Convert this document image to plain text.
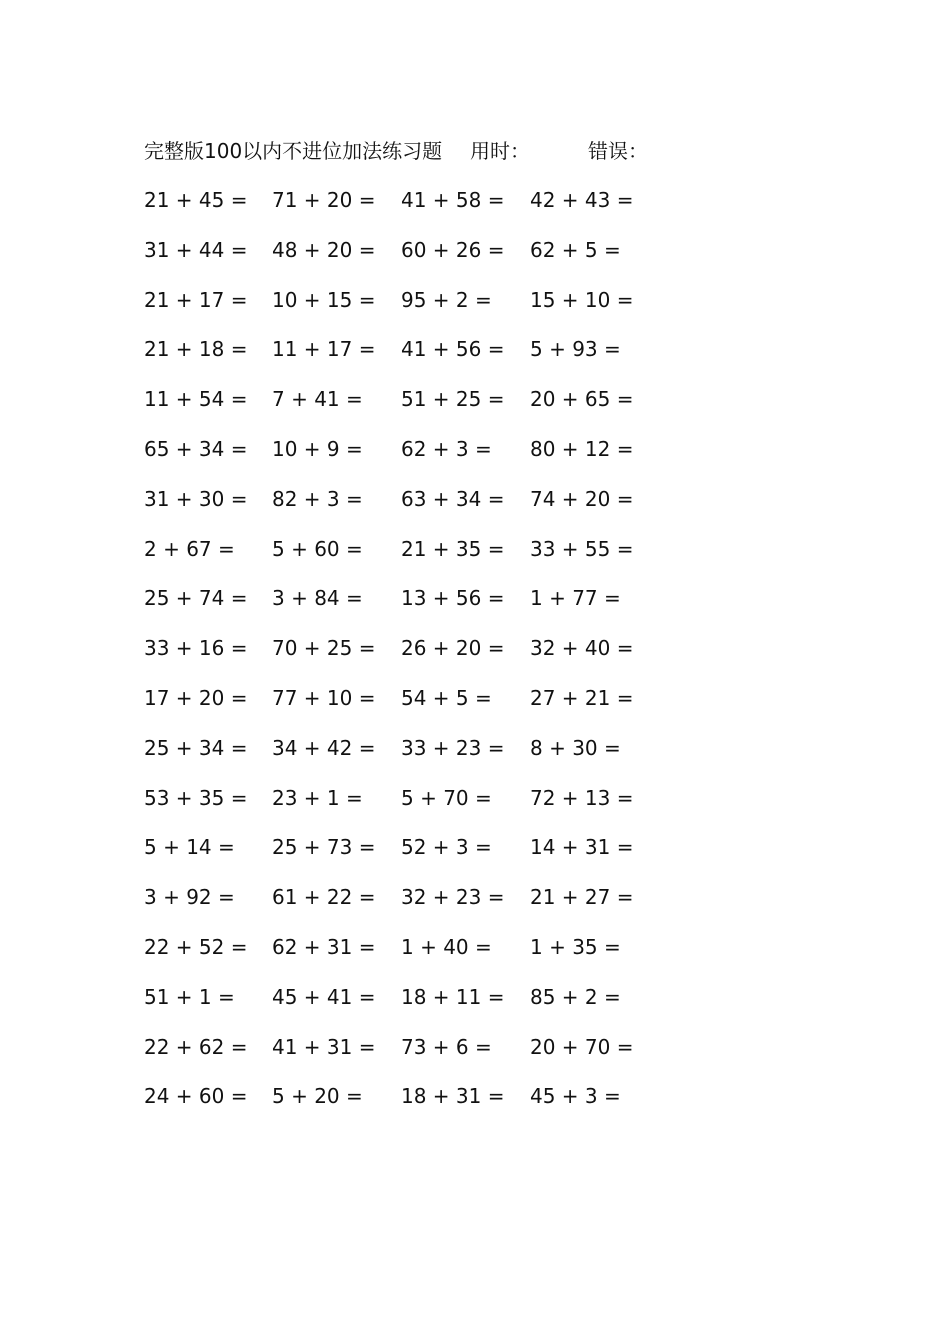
完整版100以内不进位加法练习题 用时：	错误：
21 + 45 = 71 + 20 = 41 + 58 = 42 + 43 =
31 + 44 = 48 + 20 = 60 + 26 = 62 + 5 =
21 + 17 = 10 + 15 = 95 + 2 = 15 + 10 =
21 + 18 = 11 + 17 = 41 + 56 = 5 + 93 =
11 + 54 = 7 + 41 = 51 + 25 = 20 + 65 =
65 + 34 = 10 + 9 = 62 + 3 = 80 + 12 =
31 + 30 = 82 + 3 = 63 + 34 = 74 + 20 =
2 + 67 = 5 + 60 = 21 + 35 = 33 + 55 =
25 + 74 = 3 + 84 = 13 + 56 = 1 + 77 =
33 + 16 = 70 + 25 = 26 + 20 = 32 + 40 =
17 + 20 = 77 + 10 = 54 + 5 = 27 + 21 =
25 + 34 = 34 + 42 = 33 + 23 = 8 + 30 =
53 + 35 = 23 + 1 = 5 + 70 = 72 + 13 =
5 + 14 = 25 + 73 = 52 + 3 = 14 + 31 =
3 + 92 = 61 + 22 = 32 + 23 = 21 + 27 =
22 + 52 = 62 + 31 = 1 + 40 = 1 + 35 =
51 + 1 = 45 + 41 = 18 + 11 = 85 + 2 =
22 + 62 = 41 + 31 = 73 + 6 = 20 + 70 =
24 + 60 = 5 + 20 = 18 + 31 = 45 + 3 =
